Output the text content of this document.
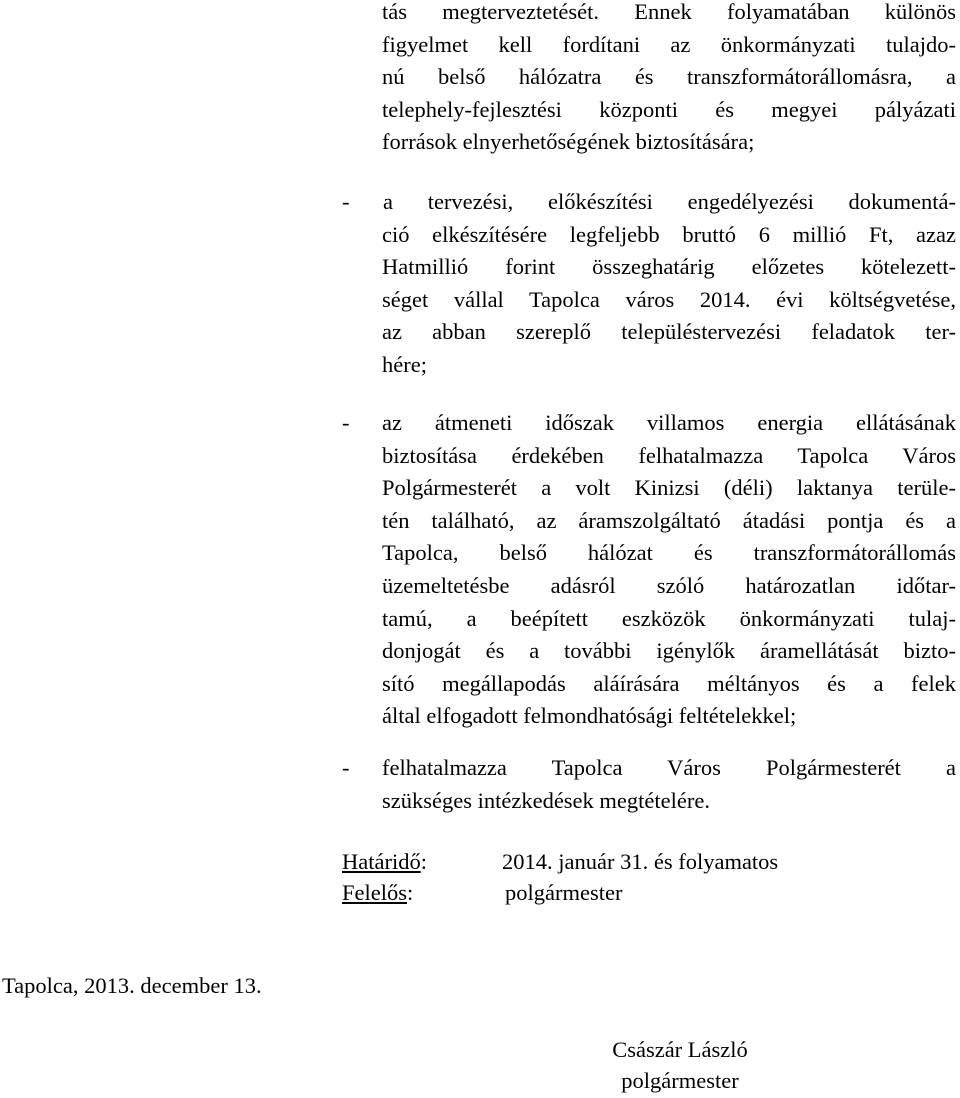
tás megterveztetését. Ennek folyamatában különös
figyelmet kell fordítani az önkormányzati tulajdo-
nú belső hálózatra és transzformátorállomásra, a
telephely-fejlesztési központi és megyei pályázati
források elnyerhetőségének biztosítására;
- a tervezési, előkészítési engedélyezési dokumentá-
ció elkészítésére legfeljebb bruttó 6 millió Ft, azaz
Hatmillió forint összeghatárig előzetes kötelezett-
séget vállal Tapolca város 2014. évi költségvetése,
az abban szereplő településtervezési feladatok ter-
hére;
- az átmeneti időszak villamos energia ellátásának
biztosítása érdekében felhatalmazza Tapolca Város
Polgármesterét a volt Kinizsi (déli) laktanya terüle-
tén található, az áramszolgáltató átadási pontja és a
Tapolca, belső hálózat és transzformátorállomás
üzemeltetésbe adásról szóló határozatlan időtar-
tamú, a beépített eszközök önkormányzati tulaj-
donjogát és a további igénylők áramellátását bizto-
sító megállapodás aláírására méltányos és a felek
által elfogadott felmondhatósági feltételekkel;
- felhatalmazza Tapolca Város Polgármesterét a
szükséges intézkedések megtételére.
Határidő:	2014. január 31. és folyamatos
Felelős:	polgármester
Tapolca, 2013. december 13.
Császár László
polgármester
